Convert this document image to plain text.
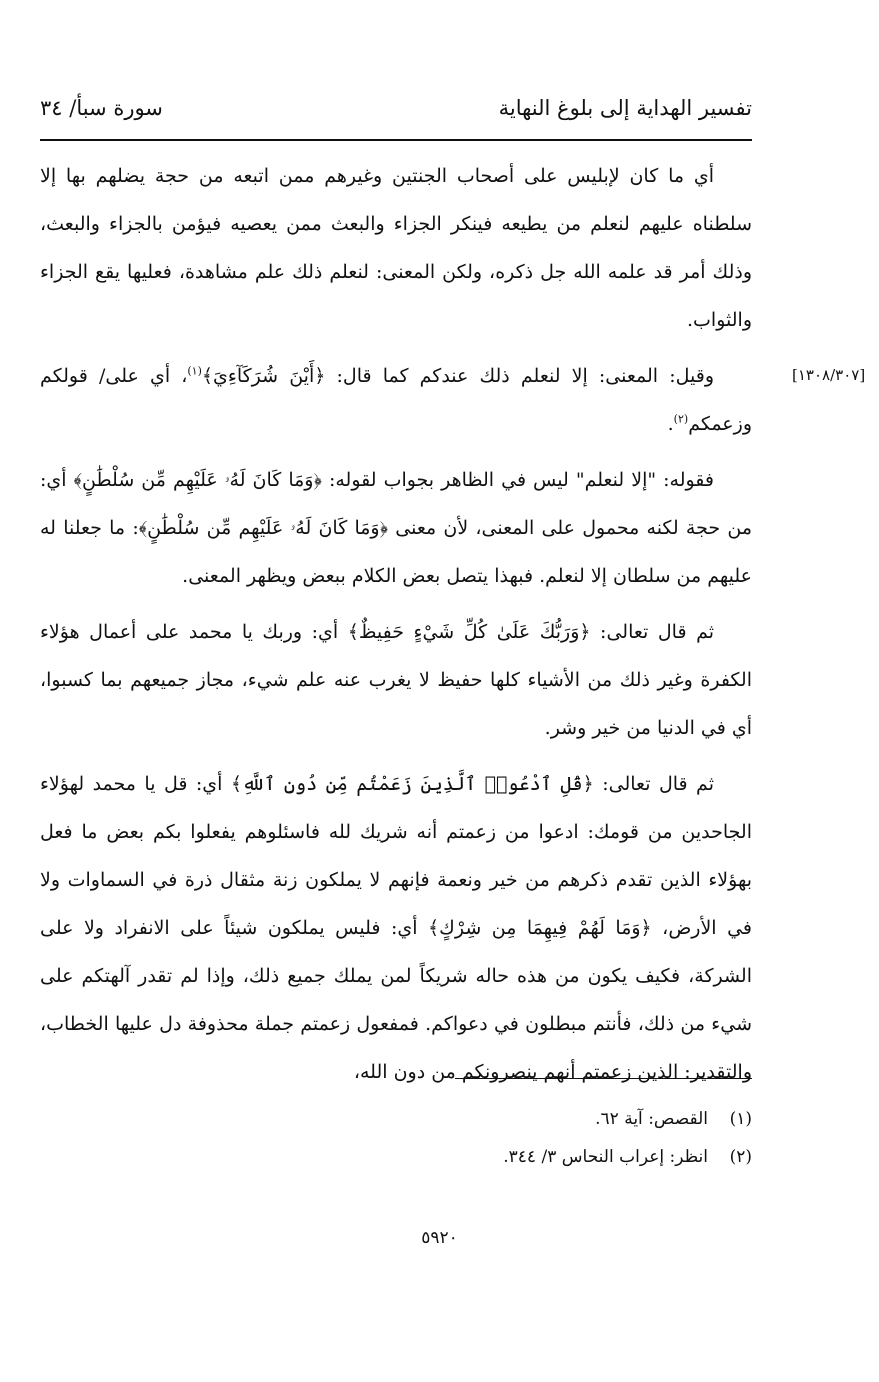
تفسير الهداية إلى بلوغ النهاية
سورة سبأ/ ٣٤
[١٣٠٨/٣٠٧]

أي ما كان لإبليس على أصحاب الجنتين وغيرهم ممن اتبعه من حجة يضلهم بها إلا سلطناه عليهم لنعلم من يطيعه فينكر الجزاء والبعث ممن يعصيه فيؤمن بالجزاء والبعث، وذلك أمر قد علمه الله جل ذكره، ولكن المعنى: لنعلم ذلك علم مشاهدة، فعليها يقع الجزاء والثواب.

وقيل: المعنى: إلا لنعلم ذلك عندكم كما قال: ﴿أَيْنَ شُرَكَآءِيَ﴾$^{(١)}$، أي على/ قولكم وزعمكم$^{(٢)}$.

فقوله: "إلا لنعلم" ليس في الظاهر بجواب لقوله: ﴿وَمَا كَانَ لَهُۥ عَلَيْهِم مِّن سُلْطَٰنٍ﴾ أي: من حجة لكنه محمول على المعنى، لأن معنى ﴿وَمَا كَانَ لَهُۥ عَلَيْهِم مِّن سُلْطَٰنٍ﴾: ما جعلنا له عليهم من سلطان إلا لنعلم. فبهذا يتصل بعض الكلام ببعض ويظهر المعنى.

ثم قال تعالى: ﴿وَرَبُّكَ عَلَىٰ كُلِّ شَيْءٍ حَفِيظٌ﴾ أي: وربك يا محمد على أعمال هؤلاء الكفرة وغير ذلك من الأشياء كلها حفيظ لا يغرب عنه علم شيء، مجاز جميعهم بما كسبوا، أي في الدنيا من خير وشر.

ثم قال تعالى: ﴿قُلِ ٱدْعُوا۟ ٱلَّذِينَ زَعَمْتُم مِّن دُونِ ٱللَّهِ﴾ أي: قل يا محمد لهؤلاء الجاحدين من قومك: ادعوا من زعمتم أنه شريك لله فاسئلوهم يفعلوا بكم بعض ما فعل بهؤلاء الذين تقدم ذكرهم من خير ونعمة فإنهم لا يملكون زنة مثقال ذرة في السماوات ولا في الأرض، ﴿وَمَا لَهُمْ فِيهِمَا مِن شِرْكٍ﴾ أي: فليس يملكون شيئاً على الانفراد ولا على الشركة، فكيف يكون من هذه حاله شريكاً لمن يملك جميع ذلك، وإذا لم تقدر آلهتكم على شيء من ذلك، فأنتم مبطلون في دعواكم. فمفعول زعمتم جملة محذوفة دل عليها الخطاب، والتقدير: الذين زعمتم أنهم ينصرونكم من دون الله،

(١)القصص: آية ٦٢.
(٢)انظر: إعراب النحاس ٣/ ٣٤٤.
٥٩٢٠
